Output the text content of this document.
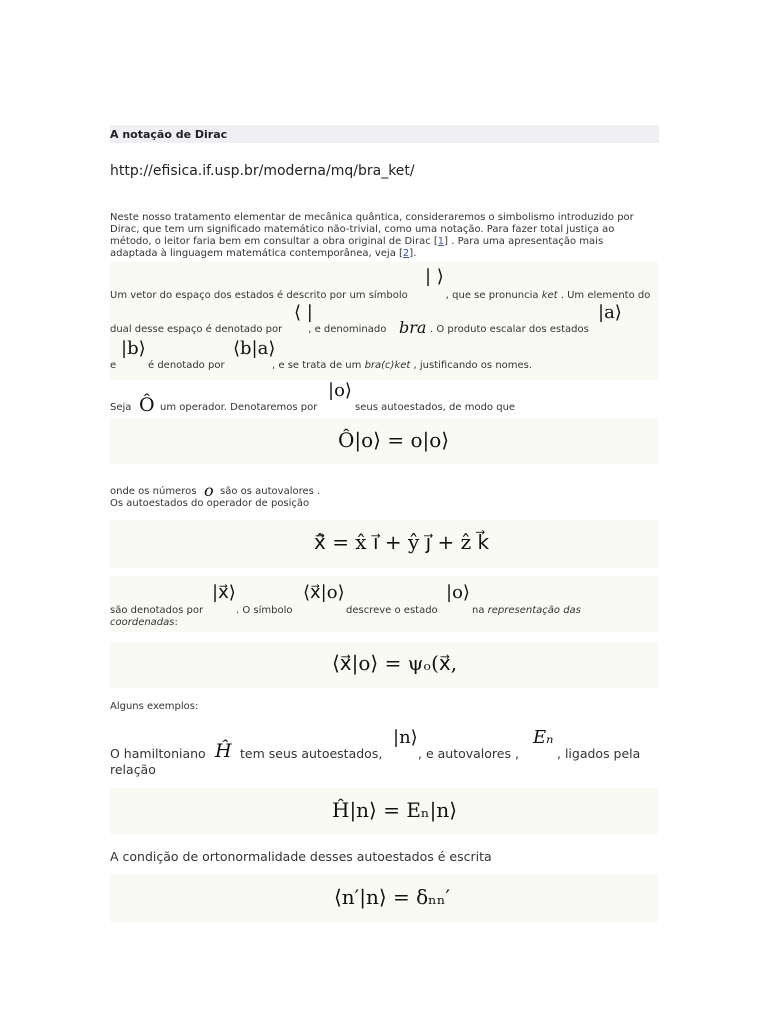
A notação de Dirac
http://efisica.if.usp.br/moderna/mq/bra_ket/
Neste nosso tratamento elementar de mecânica quântica, consideraremos o simbolismo introduzido por
Dirac, que tem um significado matemático não-trivial, como uma notação. Para fazer total justiça ao
método, o leitor faria bem em consultar a obra original de Dirac [1] . Para uma apresentação mais
adaptada à linguagem matemática contemporânea, veja [2].
| ⟩
Um vetor do espaço dos estados é descrito por um símbolo	, que se pronuncia ket . Um elemento do
⟨ |	|a⟩
dual desse espaço é denotado por	, e denominado bra . O produto escalar dos estados
|b⟩	⟨b|a⟩
e	é denotado por	, e se trata de um bra(c)ket , justificando os nomes.
|o⟩
Seja Ô um operador. Denotaremos por	seus autoestados, de modo que
Ô|o⟩ = o|o⟩
onde os números o são os autovalores .
Os autoestados do operador de posição
x̂⃗ = x̂ i⃗ + ŷ j⃗ + ẑ k⃗
|x⃗⟩	⟨x⃗|o⟩	|o⟩
são denotados por	. O símbolo	descreve o estado	na representação das
coordenadas:
⟨x⃗|o⟩ = ψₒ(x⃗,
Alguns exemplos:
|n⟩	Eₙ
O hamiltoniano Ĥ tem seus autoestados,	, e autovalores ,	, ligados pela
relação
Ĥ|n⟩ = Eₙ|n⟩
A condição de ortonormalidade desses autoestados é escrita
⟨n′|n⟩ = δₙₙ′
